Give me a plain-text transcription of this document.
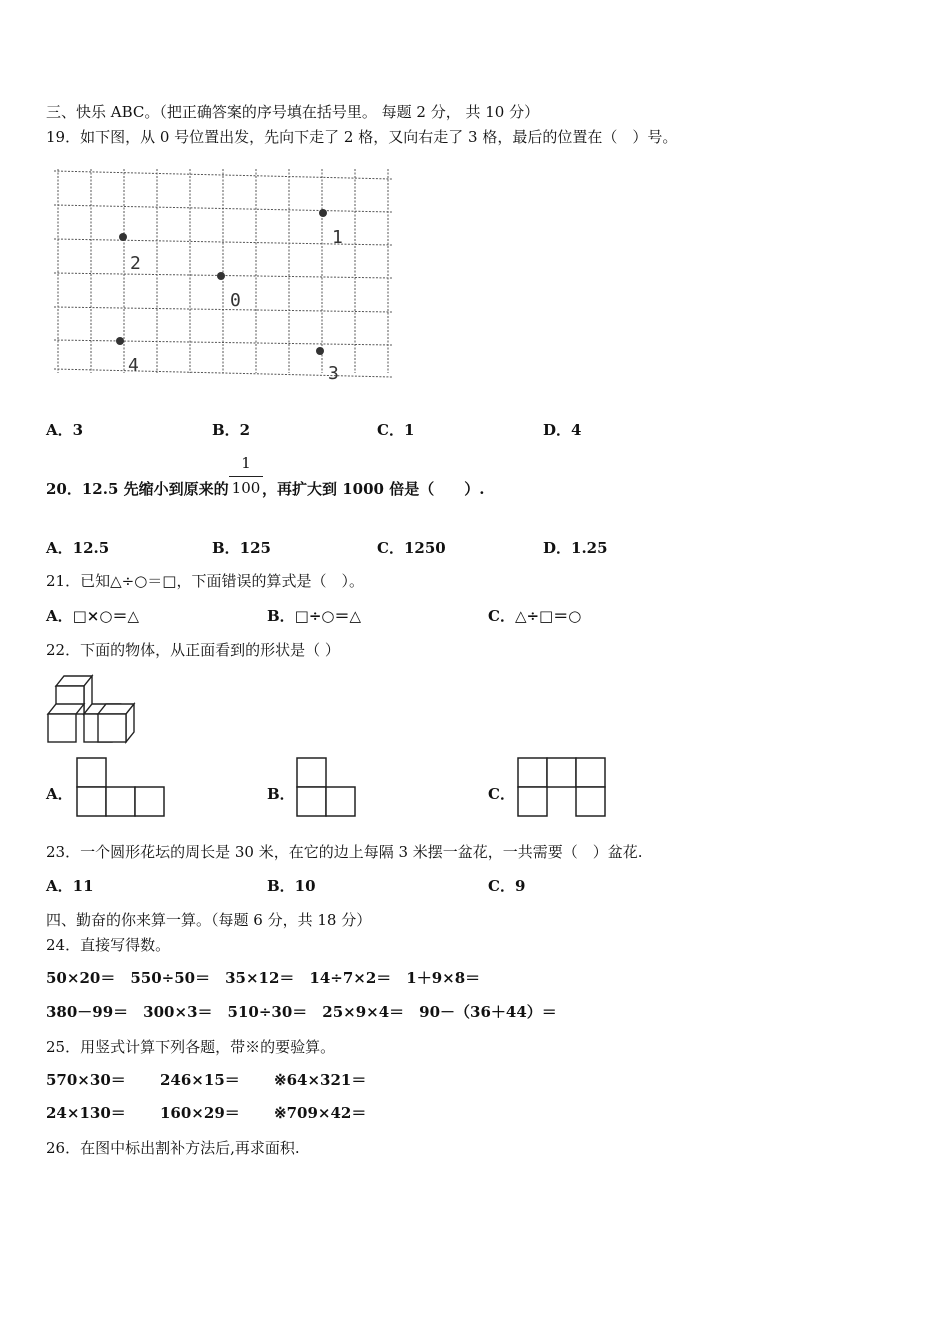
三、快乐 ABC。（把正确答案的序号填在括号里。 每题 2 分， 共 10 分）
19．如下图，从 0 号位置出发，先向下走了 2 格，又向右走了 3 格，最后的位置在（　）号。
1
2
0
4	3
A．3	B．2	C．1	D．4
20．12.5 先缩小到原来的
1
100 ，再扩大到 1000 倍是（　　）.
A．12.5	B．125	C．1250	D．1.25
21．已知△÷○＝□，下面错误的算式是（　）。
A．□×○＝△	B．□÷○＝△	C．△÷□＝○
22．下面的物体，从正面看到的形状是（ ）
A．	B．	C．
23．一个圆形花坛的周长是 30 米，在它的边上每隔 3 米摆一盆花，一共需要（　）盆花.
A．11	B．10	C．9
四、勤奋的你来算一算。（每题 6 分，共 18 分）
24．直接写得数。
50×20＝　550÷50＝　35×12＝　14÷7×2＝　1＋9×8＝
380－99＝　300×3＝　510÷30＝　25×9×4＝　90－（36＋44）＝
25．用竖式计算下列各题，带※的要验算。
570×30＝ 246×15＝ ※64×321＝
24×130＝ 160×29＝ ※709×42＝
26．在图中标出割补方法后,再求面积.
